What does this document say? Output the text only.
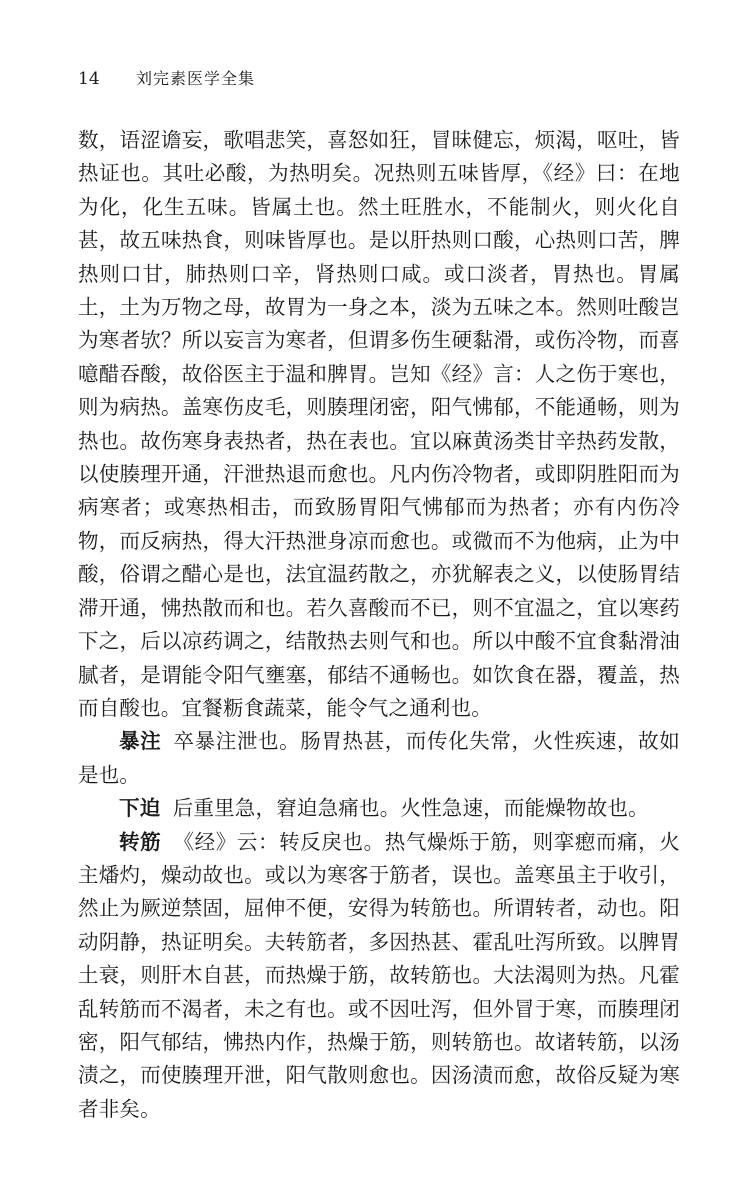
14	刘完素医学全集

数，语涩谵妄，歌唱悲笑，喜怒如狂，冒昧健忘，烦渴，呕吐，皆热证也。其吐必酸，为热明矣。况热则五味皆厚，《经》曰：在地为化，化生五味。皆属土也。然土旺胜水，不能制火，则火化自甚，故五味热食，则味皆厚也。是以肝热则口酸，心热则口苦，脾热则口甘，肺热则口辛，肾热则口咸。或口淡者，胃热也。胃属土，土为万物之母，故胃为一身之本，淡为五味之本。然则吐酸岂为寒者欤？所以妄言为寒者，但谓多伤生硬黏滑，或伤冷物，而喜噫醋吞酸，故俗医主于温和脾胃。岂知《经》言：人之伤于寒也，则为病热。盖寒伤皮毛，则腠理闭密，阳气怫郁，不能通畅，则为热也。故伤寒身表热者，热在表也。宜以麻黄汤类甘辛热药发散，以使腠理开通，汗泄热退而愈也。凡内伤冷物者，或即阴胜阳而为病寒者；或寒热相击，而致肠胃阳气怫郁而为热者；亦有内伤冷物，而反病热，得大汗热泄身凉而愈也。或微而不为他病，止为中酸，俗谓之醋心是也，法宜温药散之，亦犹解表之义，以使肠胃结滞开通，怫热散而和也。若久喜酸而不已，则不宜温之，宜以寒药下之，后以凉药调之，结散热去则气和也。所以中酸不宜食黏滑油腻者，是谓能令阳气壅塞，郁结不通畅也。如饮食在器，覆盖，热而自酸也。宜餐粝食蔬菜，能令气之通利也。

暴注 卒暴注泄也。肠胃热甚，而传化失常，火性疾速，故如是也。

下迫 后重里急，窘迫急痛也。火性急速，而能燥物故也。

转筋 《经》云：转反戾也。热气燥烁于筋，则挛瘛而痛，火主燔灼，燥动故也。或以为寒客于筋者，误也。盖寒虽主于收引，然止为厥逆禁固，屈伸不便，安得为转筋也。所谓转者，动也。阳动阴静，热证明矣。夫转筋者，多因热甚、霍乱吐泻所致。以脾胃土衰，则肝木自甚，而热燥于筋，故转筋也。大法渴则为热。凡霍乱转筋而不渴者，未之有也。或不因吐泻，但外冒于寒，而腠理闭密，阳气郁结，怫热内作，热燥于筋，则转筋也。故诸转筋，以汤渍之，而使腠理开泄，阳气散则愈也。因汤渍而愈，故俗反疑为寒者非矣。
